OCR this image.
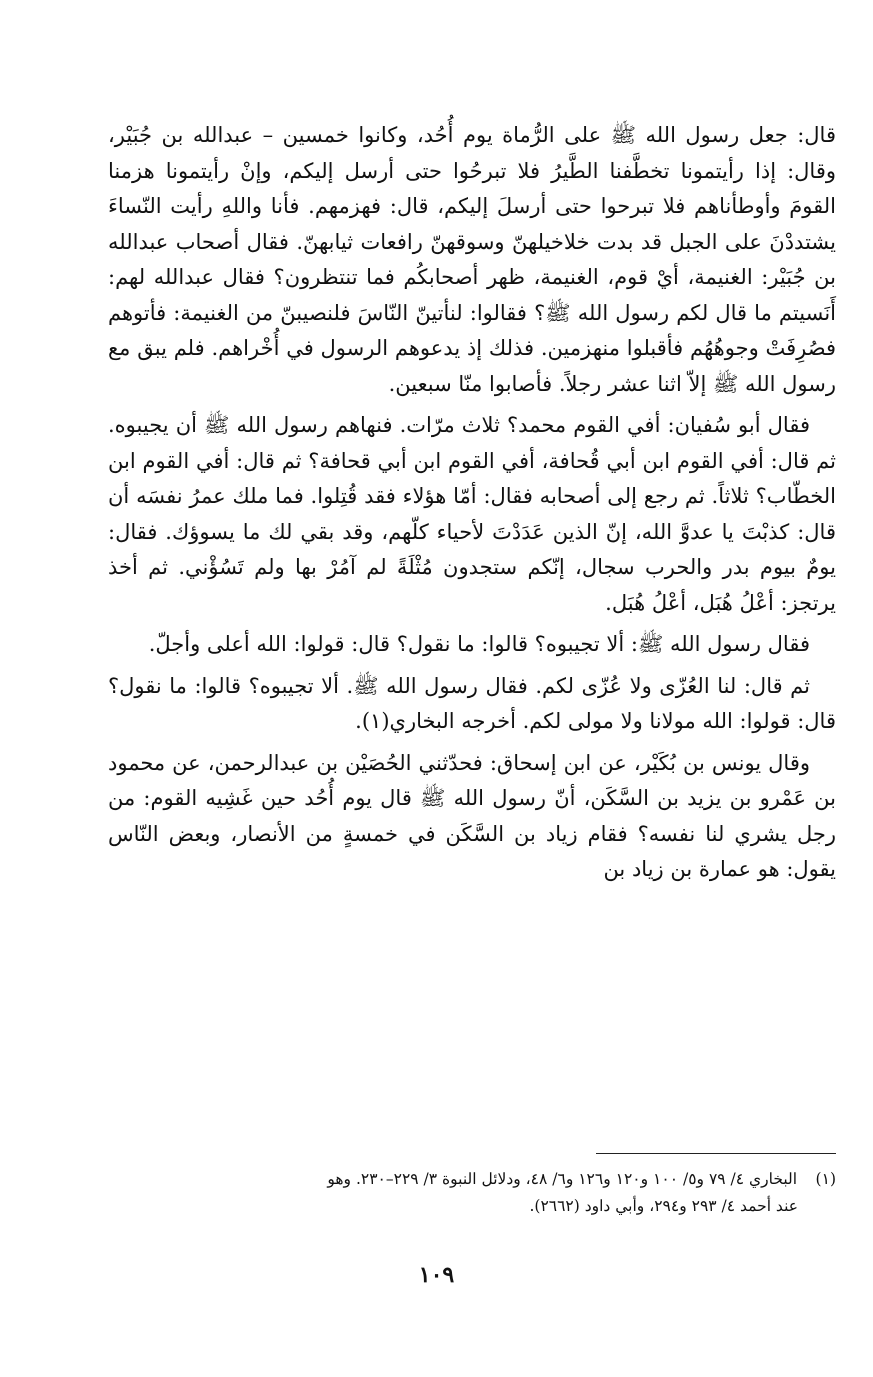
قال: جعل رسول الله ﷺ على الرُّماة يوم أُحُد، وكانوا خمسين – عبدالله بن جُبَيْر، وقال: إذا رأيتمونا تخطَّفنا الطَّيرُ فلا تبرحُوا حتى أرسل إليكم، وإنْ رأيتمونا هزمنا القومَ وأوطأناهم فلا تبرحوا حتى أرسلَ إليكم، قال: فهزمهم. فأنا واللهِ رأيت النّساءَ يشتددْنَ على الجبل قد بدت خلاخيلهنّ وسوقهنّ رافعات ثيابهنّ. فقال أصحاب عبدالله بن جُبَيْر: الغنيمة، أيْ قوم، الغنيمة، ظهر أصحابكُم فما تنتظرون؟ فقال عبدالله لهم: أَنَسيتم ما قال لكم رسول الله ﷺ؟ فقالوا: لنأتينّ النّاسَ فلنصيبنّ من الغنيمة: فأتوهم فصُرِفَتْ وجوهُهُم فأقبلوا منهزمين. فذلك إذ يدعوهم الرسول في أُخْراهم. فلم يبق مع رسول الله ﷺ إلاّ اثنا عشر رجلاً. فأصابوا منّا سبعين.

فقال أبو سُفيان: أفي القوم محمد؟ ثلاث مرّات. فنهاهم رسول الله ﷺ أن يجيبوه. ثم قال: أفي القوم ابن أبي قُحافة، أفي القوم ابن أبي قحافة؟ ثم قال: أفي القوم ابن الخطّاب؟ ثلاثاً. ثم رجع إلى أصحابه فقال: أمّا هؤلاء فقد قُتِلوا. فما ملك عمرُ نفسَه أن قال: كذبْتَ يا عدوَّ الله، إنّ الذين عَدَدْتَ لأحياء كلّهم، وقد بقي لك ما يسوؤك. فقال: يومٌ بيوم بدر والحرب سجال، إنّكم ستجدون مُثْلَةً لم آمُرْ بها ولم تَسُؤْني. ثم أخذ يرتجز: أعْلُ هُبَل، أعْلُ هُبَل.

فقال رسول الله ﷺ: ألا تجيبوه؟ قالوا: ما نقول؟ قال: قولوا: الله أعلى وأجلّ.

ثم قال: لنا العُزّى ولا عُزّى لكم. فقال رسول الله ﷺ. ألا تجيبوه؟ قالوا: ما نقول؟ قال: قولوا: الله مولانا ولا مولى لكم. أخرجه البخاري(١).

وقال يونس بن بُكَيْر، عن ابن إسحاق: فحدّثني الحُصَيْن بن عبدالرحمن، عن محمود بن عَمْرو بن يزيد بن السَّكَن، أنّ رسول الله ﷺ قال يوم أُحُد حين غَشِيه القوم: من رجل يشري لنا نفسه؟ فقام زياد بن السَّكَن في خمسةٍ من الأنصار، وبعض النّاس يقول: هو عمارة بن زياد بن

(١) البخاري ٤/ ٧٩ و٥/ ١٠٠ و١٢٠ و١٢٦ و٦/ ٤٨، ودلائل النبوة ٣/ ٢٢٩–٢٣٠. وهو
عند أحمد ٤/ ٢٩٣ و٢٩٤، وأبي داود (٢٦٦٢).
١٠٩
